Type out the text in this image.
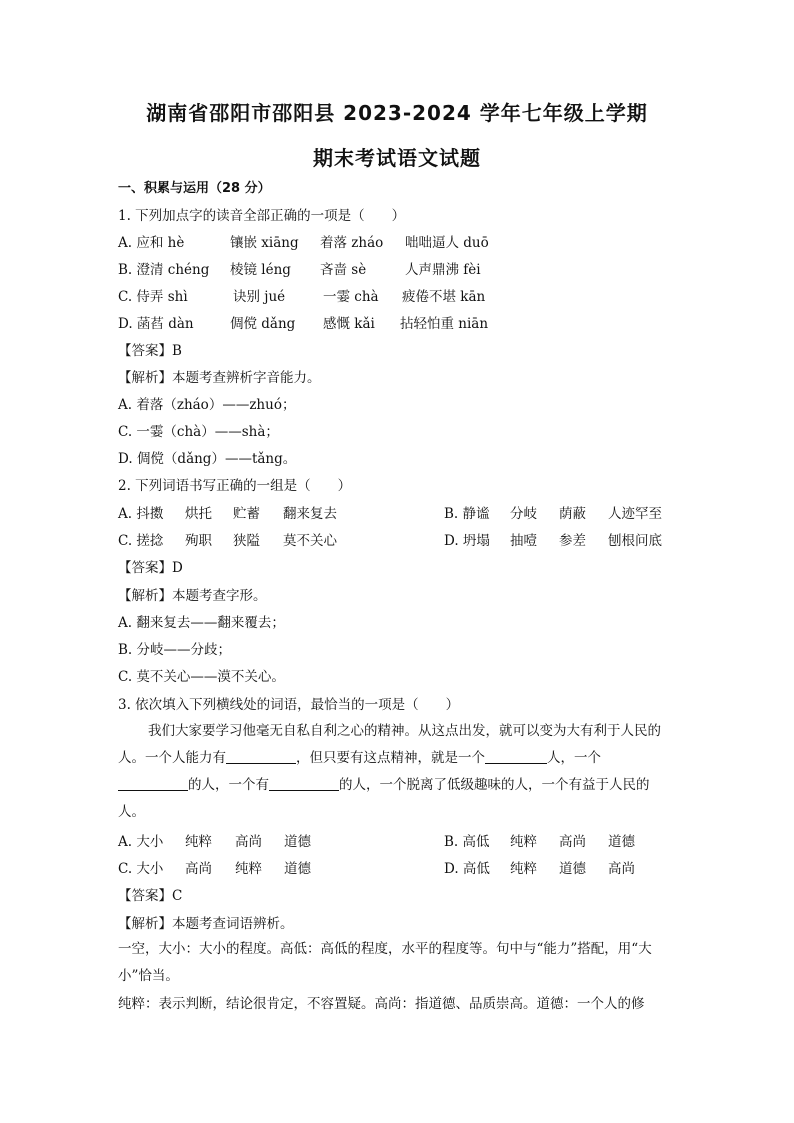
湖南省邵阳市邵阳县 2023-2024 学年七年级上学期
期末考试语文试题
一、积累与运用（28 分）
1. 下列加点字的读音全部正确的一项是（　　）
A. 应和 hè	镶嵌 xiāng 着落 zháo 咄咄逼人 duō
B. 澄清 chéng 棱镜 léng 吝啬 sè	人声鼎沸 fèi
C. 侍弄 shì	诀别 jué	一霎 chà 疲倦不堪 kān
D. 菡萏 dàn	倜傥 dǎng 感慨 kǎi 拈轻怕重 niān
【答案】B
【解析】本题考查辨析字音能力。
A. 着落（zháo）——zhuó；
C. 一霎（chà）——shà；
D. 倜傥（dǎng）——tǎng。
2. 下列词语书写正确的一组是（　　）
A. 抖擞 烘托 贮蓄 翻来复去	B. 静谧 分岐 荫蔽 人迹罕至
C. 搓捻 殉职 狭隘 莫不关心	D. 坍塌 抽噎 参差 刨根问底
【答案】D
【解析】本题考查字形。
A. 翻来复去——翻来覆去；
B. 分岐——分歧；
C. 莫不关心——漠不关心。
3. 依次填入下列横线处的词语，最恰当的一项是（　　）
我们大家要学习他毫无自私自利之心的精神。从这点出发，就可以变为大有利于人民的人。一个人能力有	，但只要有这点精神，就是一个	人，一个的人，一个有	的人，一个脱离了低级趣味的人，一个有益于人民的人。
A. 大小 纯粹 高尚 道德	B. 高低 纯粹 高尚 道德
C. 大小 高尚 纯粹 道德	D. 高低 纯粹 道德 高尚
【答案】C
【解析】本题考查词语辨析。
一空，大小：大小的程度。高低：高低的程度，水平的程度等。句中与“能力”搭配，用“大小”恰当。
纯粹：表示判断，结论很肯定，不容置疑。高尚：指道德、品质崇高。道德：一个人的修
